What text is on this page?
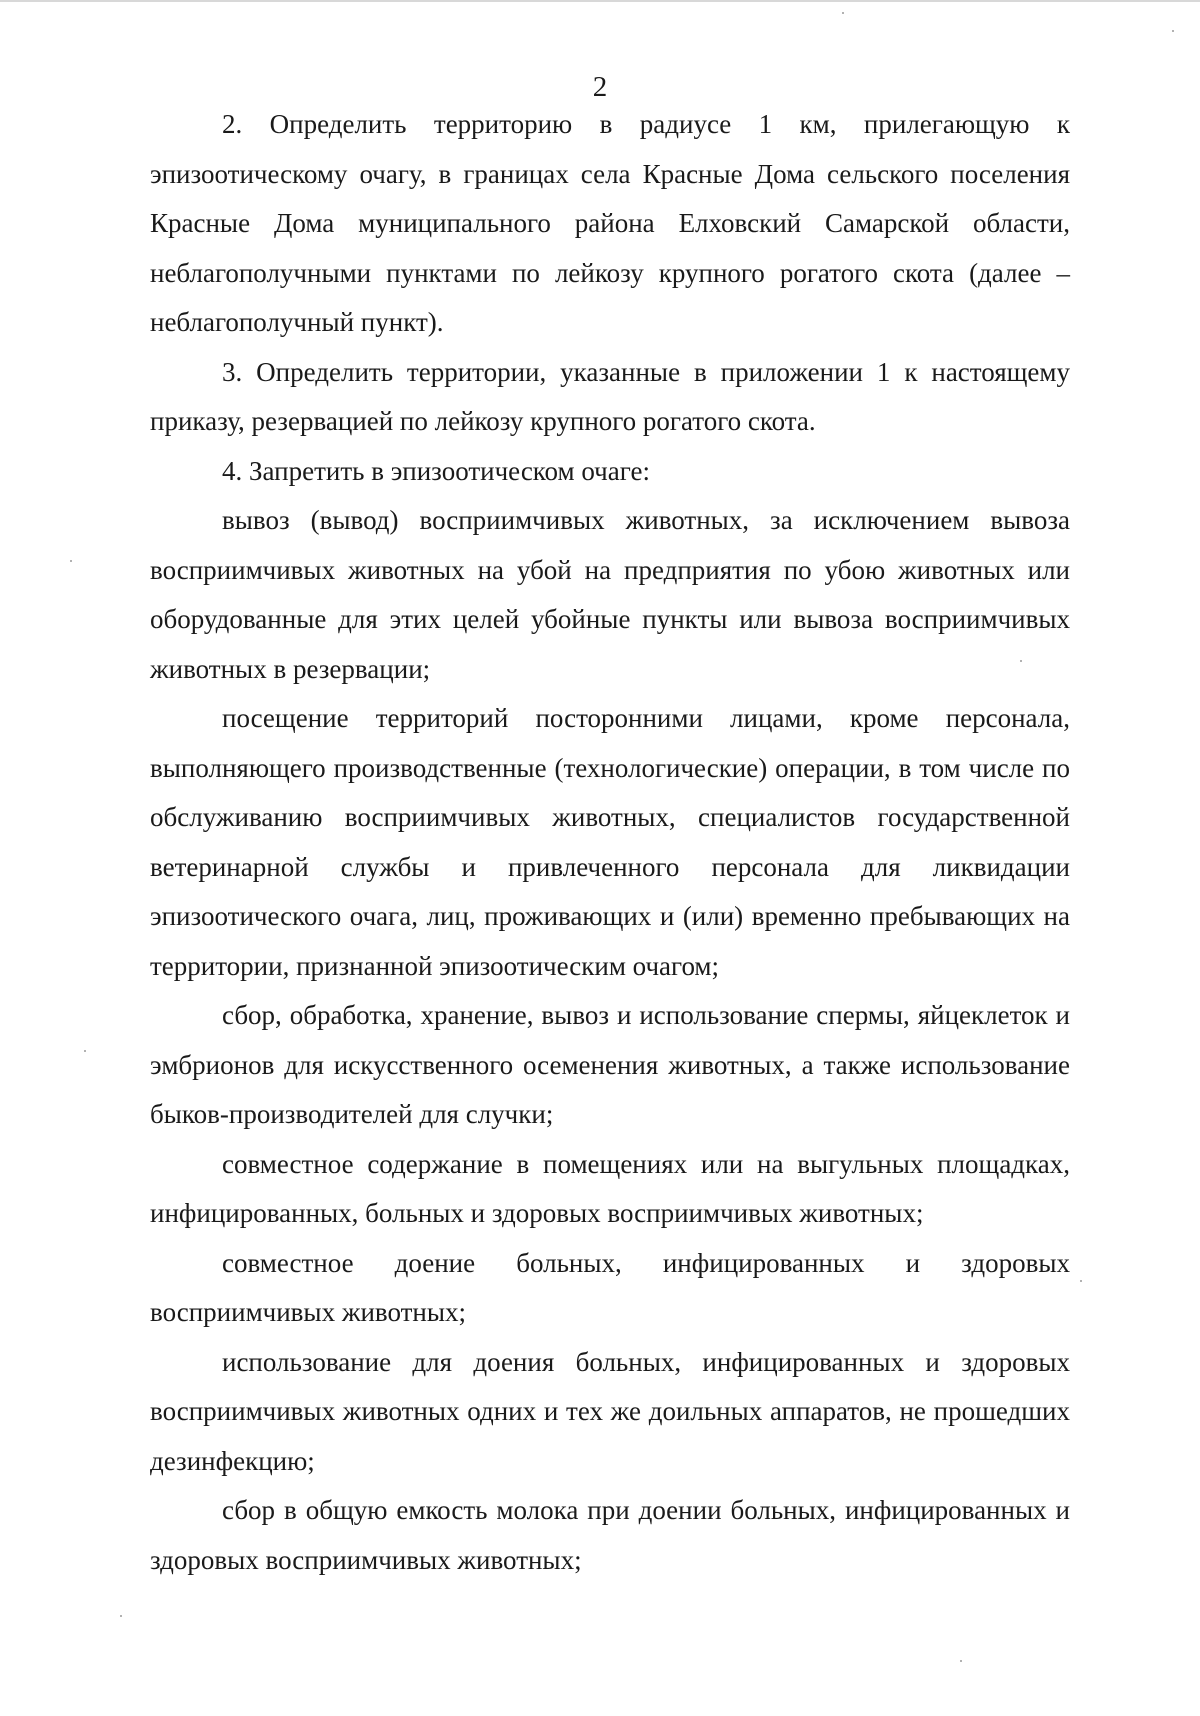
2

2. Определить территорию в радиусе 1 км, прилегающую к эпизоотическому очагу, в границах села Красные Дома сельского поселения Красные Дома муниципального района Елховский Самарской области, неблагополучными пунктами по лейкозу крупного рогатого скота (далее – неблагополучный пункт).

3. Определить территории, указанные в приложении 1 к настоящему приказу, резервацией по лейкозу крупного рогатого скота.

4. Запретить в эпизоотическом очаге:

вывоз (вывод) восприимчивых животных, за исключением вывоза восприимчивых животных на убой на предприятия по убою животных или оборудованные для этих целей убойные пункты или вывоза восприимчивых животных в резервации;

посещение территорий посторонними лицами, кроме персонала, выполняющего производственные (технологические) операции, в том числе по обслуживанию восприимчивых животных, специалистов государственной ветеринарной службы и привлеченного персонала для ликвидации эпизоотического очага, лиц, проживающих и (или) временно пребывающих на территории, признанной эпизоотическим очагом;

сбор, обработка, хранение, вывоз и использование спермы, яйцеклеток и эмбрионов для искусственного осеменения животных, а также использование быков-производителей для случки;

совместное содержание в помещениях или на выгульных площадках, инфицированных, больных и здоровых восприимчивых животных;

совместное доение больных, инфицированных и здоровых восприимчивых животных;

использование для доения больных, инфицированных и здоровых восприимчивых животных одних и тех же доильных аппаратов, не прошедших дезинфекцию;

сбор в общую емкость молока при доении больных, инфицированных и здоровых восприимчивых животных;
